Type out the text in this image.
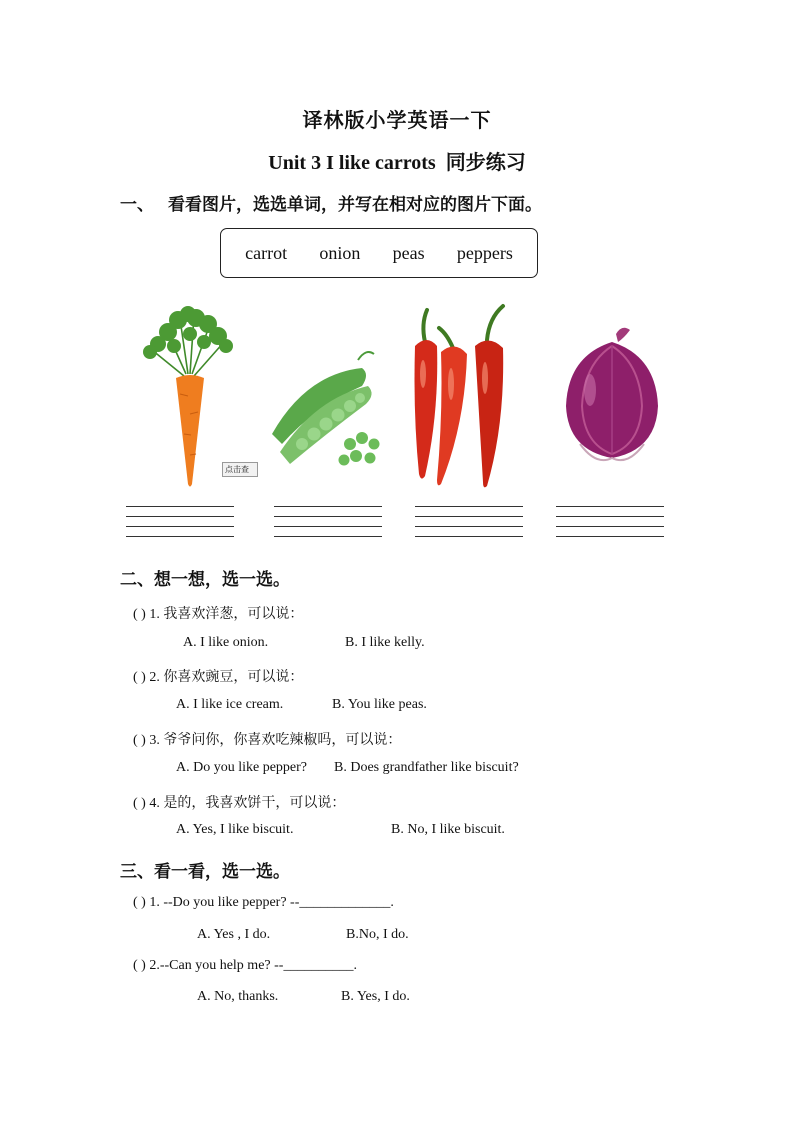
译林版小学英语一下
Unit 3 I like carrots 同步练习
一、 看看图片，选选单词，并写在相对应的图片下面。
carrot onion peas peppers
点击查
二、想一想，选一选。
( ) 1. 我喜欢洋葱，可以说：
A. I like onion.	B. I like kelly.
( ) 2. 你喜欢豌豆，可以说：
A. I like ice cream.	B. You like peas.
( ) 3. 爷爷问你，你喜欢吃辣椒吗，可以说：
A. Do you like pepper? B. Does grandfather like biscuit?
( ) 4. 是的，我喜欢饼干，可以说：
A. Yes, I like biscuit.	B. No, I like biscuit.
三、看一看，选一选。
( ) 1. --Do you like pepper? --_____________.
A. Yes , I do.	B.No, I do.
( ) 2.--Can you help me? --__________.
A. No, thanks.	B. Yes, I do.
